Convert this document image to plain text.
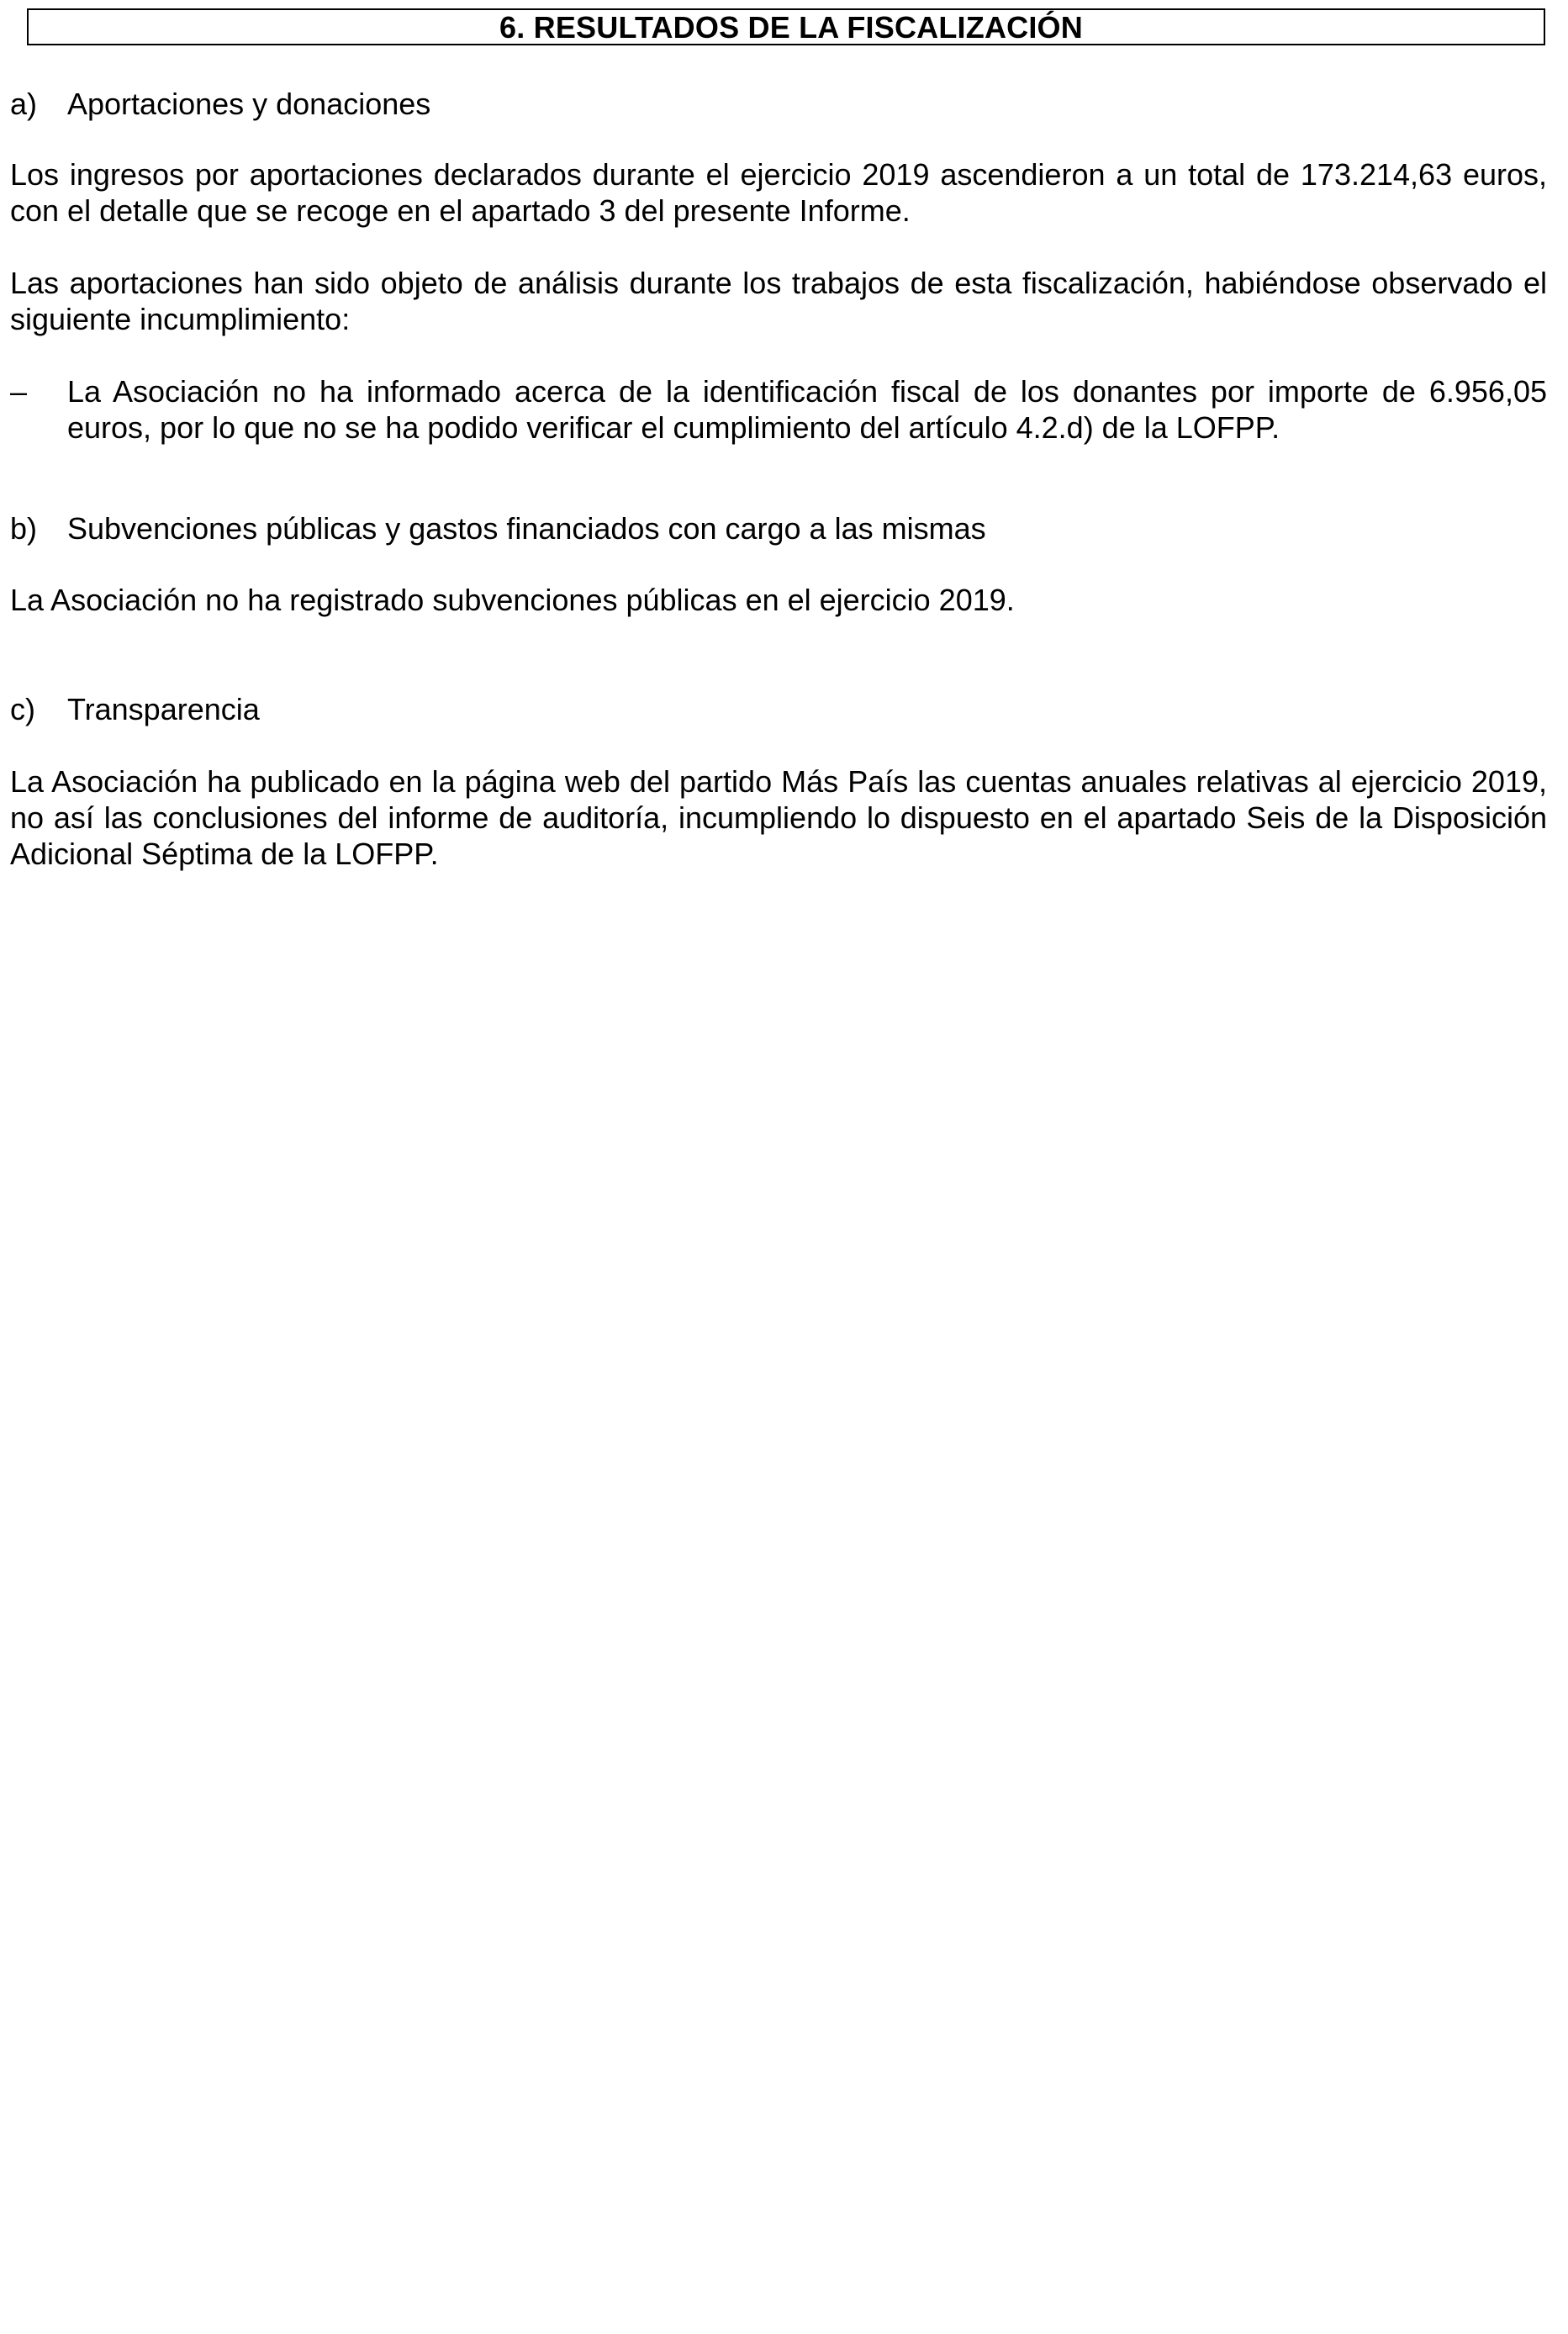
6. RESULTADOS DE LA FISCALIZACIÓN
a) Aportaciones y donaciones

Los ingresos por aportaciones declarados durante el ejercicio 2019 ascendieron a un total de 173.214,63 euros, con el detalle que se recoge en el apartado 3 del presente Informe.

Las aportaciones han sido objeto de análisis durante los trabajos de esta fiscalización, habiéndose observado el siguiente incumplimiento:

–	La Asociación no ha informado acerca de la identificación fiscal de los donantes por importe de 6.956,05 euros, por lo que no se ha podido verificar el cumplimiento del artículo 4.2.d) de la LOFPP.
b) Subvenciones públicas y gastos financiados con cargo a las mismas

La Asociación no ha registrado subvenciones públicas en el ejercicio 2019.

c)	Transparencia

La Asociación ha publicado en la página web del partido Más País las cuentas anuales relativas al ejercicio 2019, no así las conclusiones del informe de auditoría, incumpliendo lo dispuesto en el apartado Seis de la Disposición Adicional Séptima de la LOFPP.
